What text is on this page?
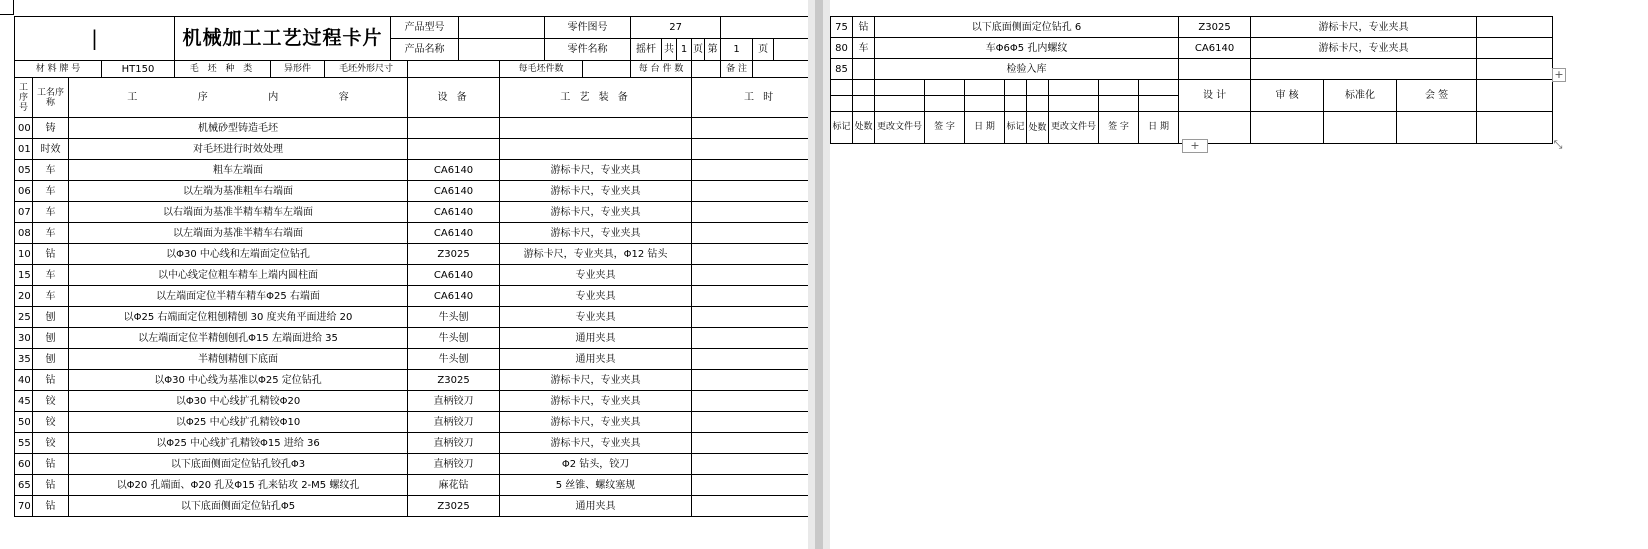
|				机械加工工艺过程卡片			产品型号				零件图号		27							
							产品名称				零件名称		摇杆	共	1	页	第	1	页	
材 料 牌 号			HT150	毛 坯 种 类	异形件	毛坯外形尺寸				每毛坯件数			每 台 件 数					备 注		
工序号	工名序称	工 序 内 容						设 备		工 艺 装 备						工 时				
00	铸	机械砂型铸造毛坯																		
01	时效	对毛坯进行时效处理																		
05	车	粗车左端面						CA6140		游标卡尺，专业夹具										
06	车	以左端为基准粗车右端面						CA6140		游标卡尺，专业夹具										
07	车	以右端面为基准半精车精车左端面						CA6140		游标卡尺，专业夹具										
08	车	以左端面为基准半精车右端面						CA6140		游标卡尺，专业夹具										
10	钻	以Φ30 中心线和左端面定位钻孔						Z3025		游标卡尺，专业夹具，Φ12 钻头										
15	车	以中心线定位粗车精车上端内圆柱面						CA6140		专业夹具										
20	车	以左端面定位半精车精车Φ25 右端面						CA6140		专业夹具										
25	刨	以Φ25 右端面定位粗刨精刨 30 度夹角平面进给 20						牛头刨		专业夹具										
30	刨	以左端面定位半精刨刨孔Φ15 左端面进给 35						牛头刨		通用夹具										
35	刨	半精刨精刨下底面						牛头刨		通用夹具										
40	钻	以Φ30 中心线为基准以Φ25 定位钻孔						Z3025		游标卡尺，专业夹具										
45	铰	以Φ30 中心线扩孔精铰Φ20						直柄铰刀		游标卡尺，专业夹具										
50	铰	以Φ25 中心线扩孔精铰Φ10						直柄铰刀		游标卡尺，专业夹具										
55	铰	以Φ25 中心线扩孔精铰Φ15 进给 36						直柄铰刀		游标卡尺，专业夹具										
60	钻	以下底面侧面定位钻孔铰孔Φ3						直柄铰刀		Φ2 钻头，铰刀										
65	钻	以Φ20 孔端面、Φ20 孔及Φ15 孔来钻攻 2-M5 螺纹孔						麻花钻		5 丝锥、螺纹塞规										
70	钻	以下底面侧面定位钻孔Φ5						Z3025		通用夹具										
75	钻	以下底面侧面定位钻孔 6								Z3025	游标卡尺，专业夹具			
80	车	车Φ6Φ5 孔内螺纹								CA6140	游标卡尺，专业夹具			
85		检验入库												
										设 计	审 核	标准化	会 签	

标记	处数	更改文件号	签 字	日 期	标记	处数	更改文件号	签 字	日 期					
+
+	⤡
